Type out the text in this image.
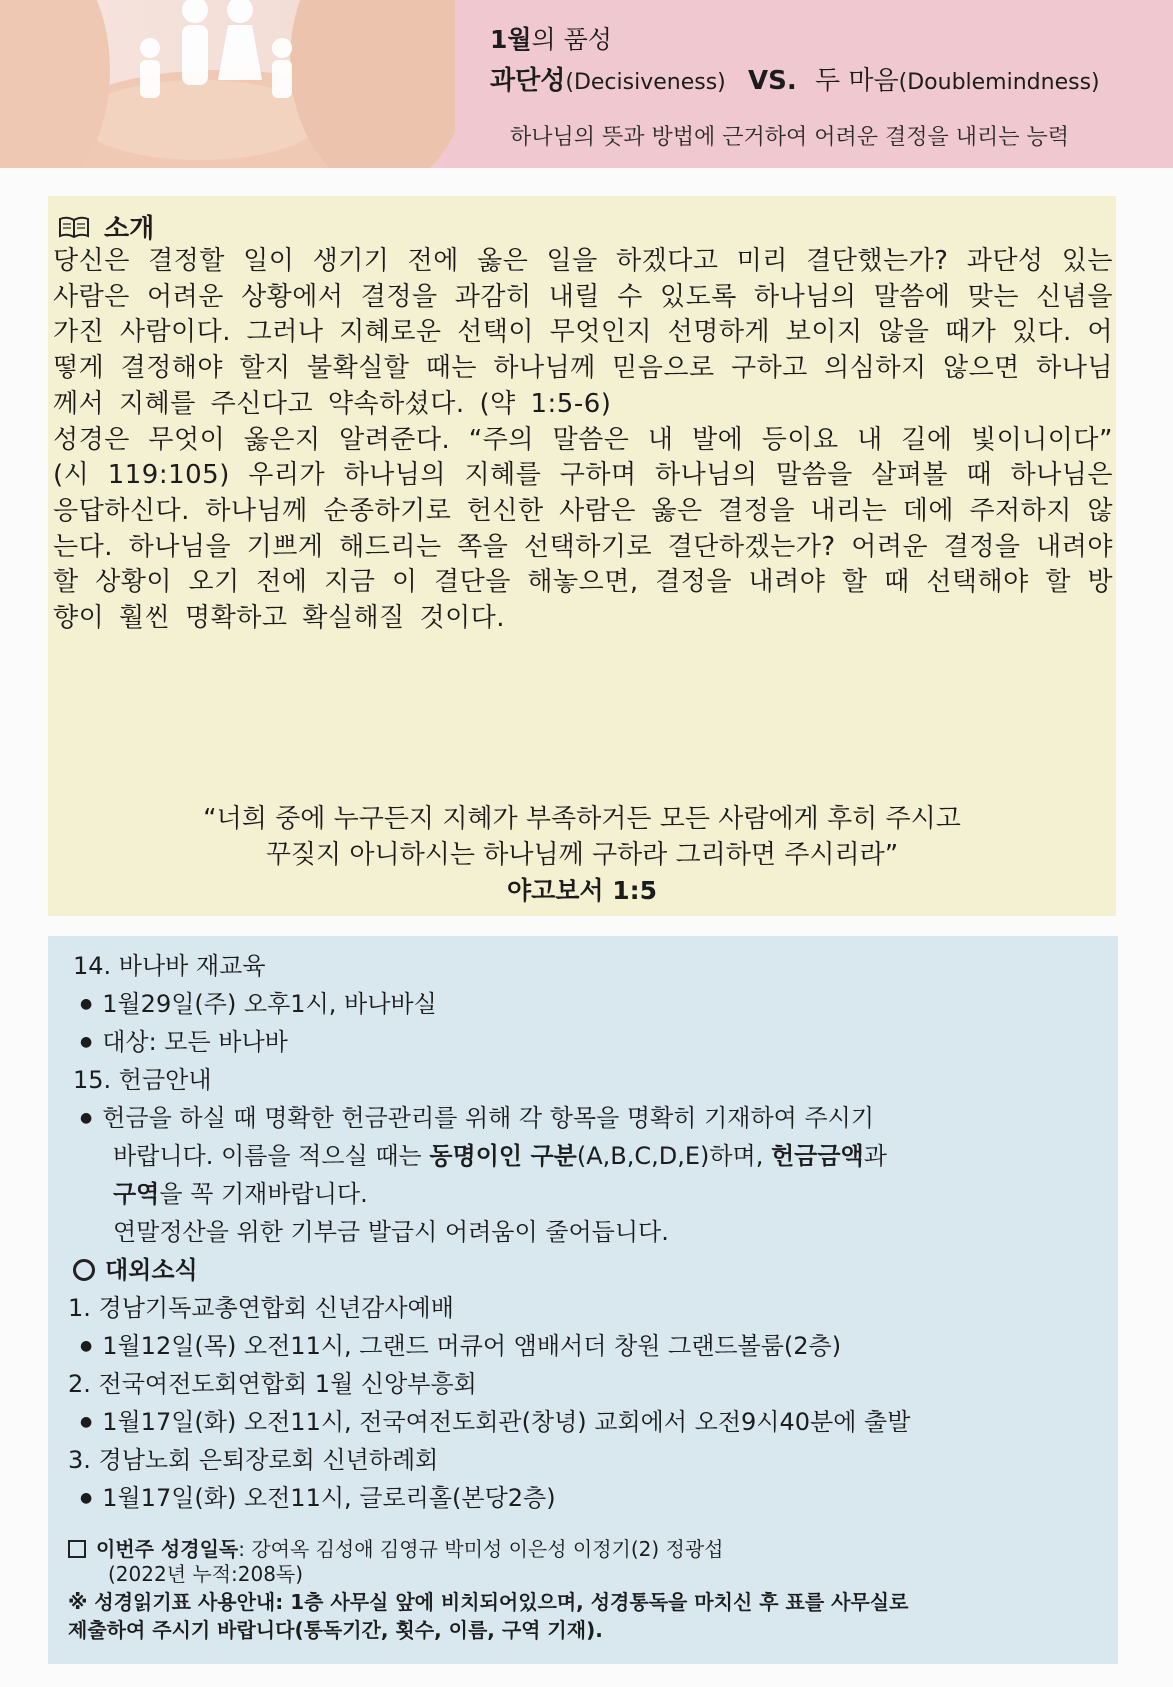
1월의 품성
과단성(Decisiveness) VS. 두 마음(Doublemindness)
하나님의 뜻과 방법에 근거하여 어려운 결정을 내리는 능력
소개
당신은 결정할 일이 생기기 전에 옳은 일을 하겠다고 미리 결단했는가? 과단성 있는 사람은 어려운 상황에서 결정을 과감히 내릴 수 있도록 하나님의 말씀에 맞는 신념을 가진 사람이다. 그러나 지혜로운 선택이 무엇인지 선명하게 보이지 않을 때가 있다. 어떻게 결정해야 할지 불확실할 때는 하나님께 믿음으로 구하고 의심하지 않으면 하나님께서 지혜를 주신다고 약속하셨다. (약 1:5-6)
성경은 무엇이 옳은지 알려준다. “주의 말씀은 내 발에 등이요 내 길에 빛이니이다” (시 119:105) 우리가 하나님의 지혜를 구하며 하나님의 말씀을 살펴볼 때 하나님은 응답하신다. 하나님께 순종하기로 헌신한 사람은 옳은 결정을 내리는 데에 주저하지 않는다. 하나님을 기쁘게 해드리는 쪽을 선택하기로 결단하겠는가? 어려운 결정을 내려야 할 상황이 오기 전에 지금 이 결단을 해놓으면, 결정을 내려야 할 때 선택해야 할 방향이 훨씬 명확하고 확실해질 것이다.
“너희 중에 누구든지 지혜가 부족하거든 모든 사람에게 후히 주시고
꾸짖지 아니하시는 하나님께 구하라 그리하면 주시리라”
야고보서 1:5
14. 바나바 재교육
● 1월29일(주) 오후1시, 바나바실
● 대상: 모든 바나바
15. 헌금안내
● 헌금을 하실 때 명확한 헌금관리를 위해 각 항목을 명확히 기재하여 주시기
바랍니다. 이름을 적으실 때는 동명이인 구분(A,B,C,D,E)하며, 헌금금액과
구역을 꼭 기재바랍니다.
연말정산을 위한 기부금 발급시 어려움이 줄어듭니다.
대외소식
1. 경남기독교총연합회 신년감사예배
● 1월12일(목) 오전11시, 그랜드 머큐어 앰배서더 창원 그랜드볼룸(2층)
2. 전국여전도회연합회 1월 신앙부흥회
● 1월17일(화) 오전11시, 전국여전도회관(창녕) 교회에서 오전9시40분에 출발
3. 경남노회 은퇴장로회 신년하례회
● 1월17일(화) 오전11시, 글로리홀(본당2층)
이번주 성경일독: 강여옥 김성애 김영규 박미성 이은성 이정기(2) 정광섭
(2022년 누적:208독)
※ 성경읽기표 사용안내: 1층 사무실 앞에 비치되어있으며, 성경통독을 마치신 후 표를 사무실로
제출하여 주시기 바랍니다(통독기간, 횟수, 이름, 구역 기재).
